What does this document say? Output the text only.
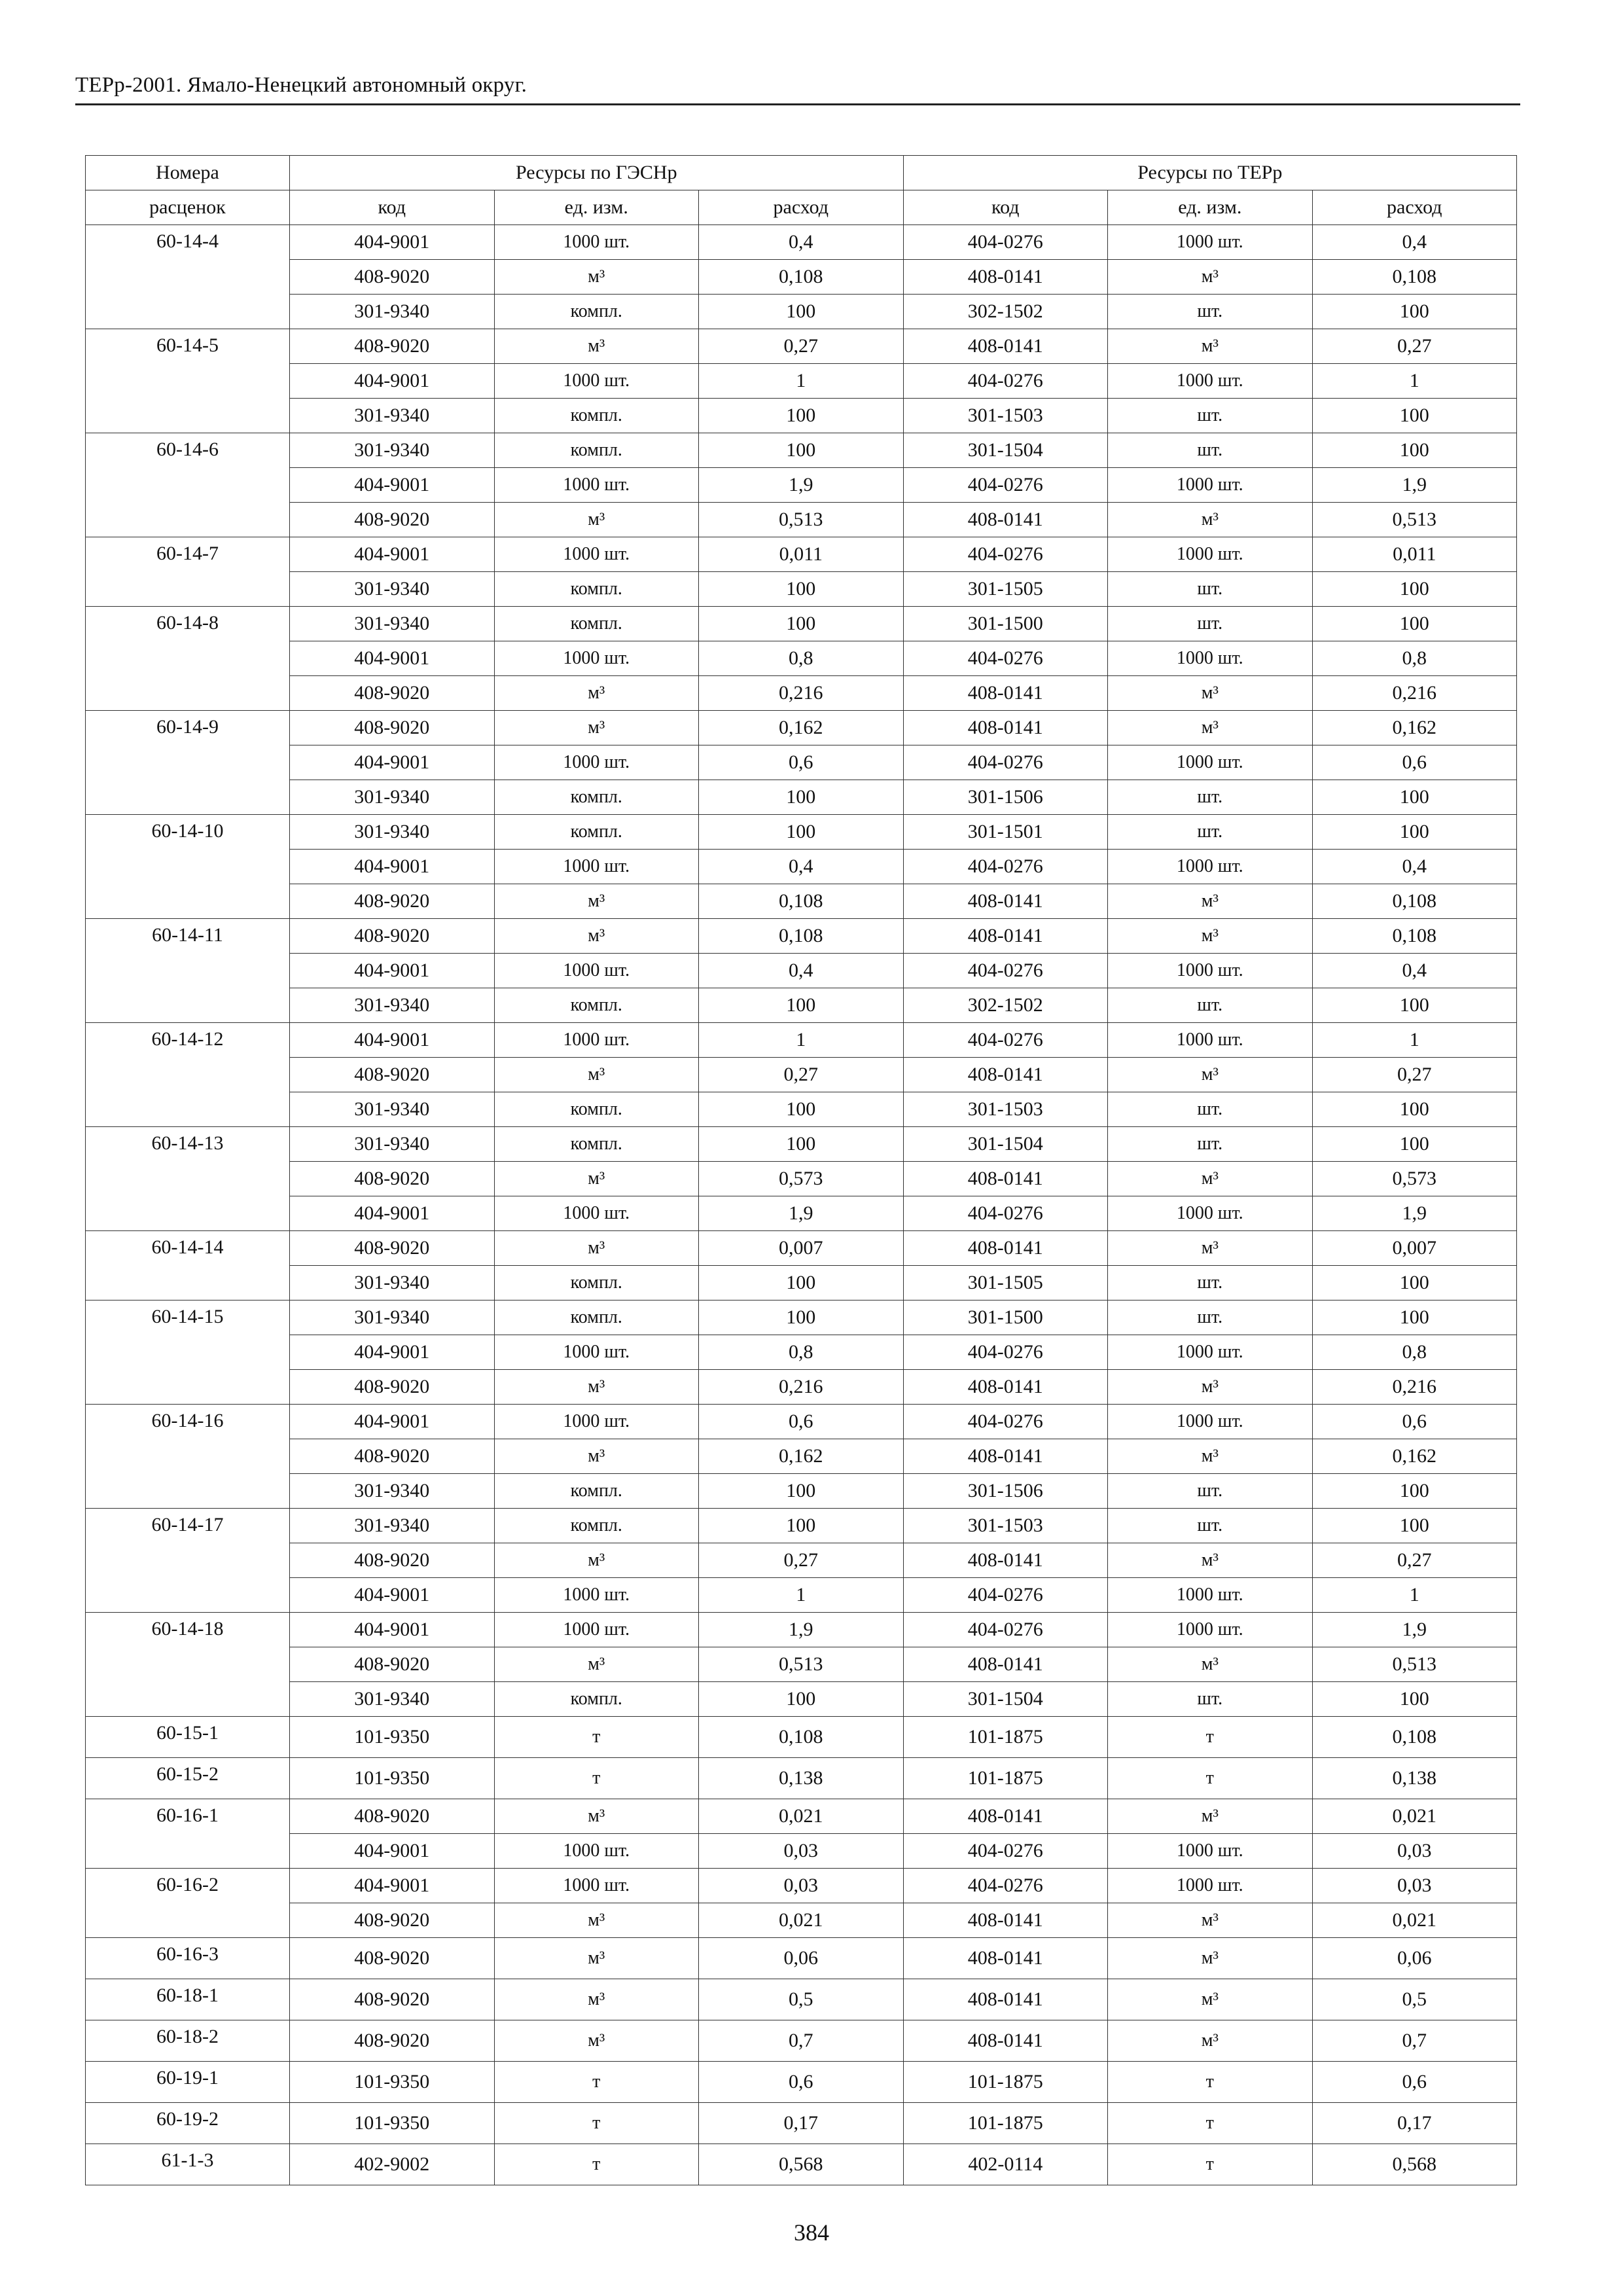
ТЕРр-2001. Ямало-Ненецкий автономный округ.
Номера	Ресурсы по ГЭСНр			Ресурсы по ТЕРр		
расценок	код	ед. изм.	расход	код	ед. изм.	расход
60-14-4	404-9001	1000 шт.	0,4	404-0276	1000 шт.	0,4
	408-9020	м³	0,108	408-0141	м³	0,108
	301-9340	компл.	100	302-1502	шт.	100
60-14-5	408-9020	м³	0,27	408-0141	м³	0,27
	404-9001	1000 шт.	1	404-0276	1000 шт.	1
	301-9340	компл.	100	301-1503	шт.	100
60-14-6	301-9340	компл.	100	301-1504	шт.	100
	404-9001	1000 шт.	1,9	404-0276	1000 шт.	1,9
	408-9020	м³	0,513	408-0141	м³	0,513
60-14-7	404-9001	1000 шт.	0,011	404-0276	1000 шт.	0,011
	301-9340	компл.	100	301-1505	шт.	100
60-14-8	301-9340	компл.	100	301-1500	шт.	100
	404-9001	1000 шт.	0,8	404-0276	1000 шт.	0,8
	408-9020	м³	0,216	408-0141	м³	0,216
60-14-9	408-9020	м³	0,162	408-0141	м³	0,162
	404-9001	1000 шт.	0,6	404-0276	1000 шт.	0,6
	301-9340	компл.	100	301-1506	шт.	100
60-14-10	301-9340	компл.	100	301-1501	шт.	100
	404-9001	1000 шт.	0,4	404-0276	1000 шт.	0,4
	408-9020	м³	0,108	408-0141	м³	0,108
60-14-11	408-9020	м³	0,108	408-0141	м³	0,108
	404-9001	1000 шт.	0,4	404-0276	1000 шт.	0,4
	301-9340	компл.	100	302-1502	шт.	100
60-14-12	404-9001	1000 шт.	1	404-0276	1000 шт.	1
	408-9020	м³	0,27	408-0141	м³	0,27
	301-9340	компл.	100	301-1503	шт.	100
60-14-13	301-9340	компл.	100	301-1504	шт.	100
	408-9020	м³	0,573	408-0141	м³	0,573
	404-9001	1000 шт.	1,9	404-0276	1000 шт.	1,9
60-14-14	408-9020	м³	0,007	408-0141	м³	0,007
	301-9340	компл.	100	301-1505	шт.	100
60-14-15	301-9340	компл.	100	301-1500	шт.	100
	404-9001	1000 шт.	0,8	404-0276	1000 шт.	0,8
	408-9020	м³	0,216	408-0141	м³	0,216
60-14-16	404-9001	1000 шт.	0,6	404-0276	1000 шт.	0,6
	408-9020	м³	0,162	408-0141	м³	0,162
	301-9340	компл.	100	301-1506	шт.	100
60-14-17	301-9340	компл.	100	301-1503	шт.	100
	408-9020	м³	0,27	408-0141	м³	0,27
	404-9001	1000 шт.	1	404-0276	1000 шт.	1
60-14-18	404-9001	1000 шт.	1,9	404-0276	1000 шт.	1,9
	408-9020	м³	0,513	408-0141	м³	0,513
	301-9340	компл.	100	301-1504	шт.	100
60-15-1	101-9350	т	0,108	101-1875	т	0,108
60-15-2	101-9350	т	0,138	101-1875	т	0,138
60-16-1	408-9020	м³	0,021	408-0141	м³	0,021
	404-9001	1000 шт.	0,03	404-0276	1000 шт.	0,03
60-16-2	404-9001	1000 шт.	0,03	404-0276	1000 шт.	0,03
	408-9020	м³	0,021	408-0141	м³	0,021
60-16-3	408-9020	м³	0,06	408-0141	м³	0,06
60-18-1	408-9020	м³	0,5	408-0141	м³	0,5
60-18-2	408-9020	м³	0,7	408-0141	м³	0,7
60-19-1	101-9350	т	0,6	101-1875	т	0,6
60-19-2	101-9350	т	0,17	101-1875	т	0,17
61-1-3	402-9002	т	0,568	402-0114	т	0,568
384
